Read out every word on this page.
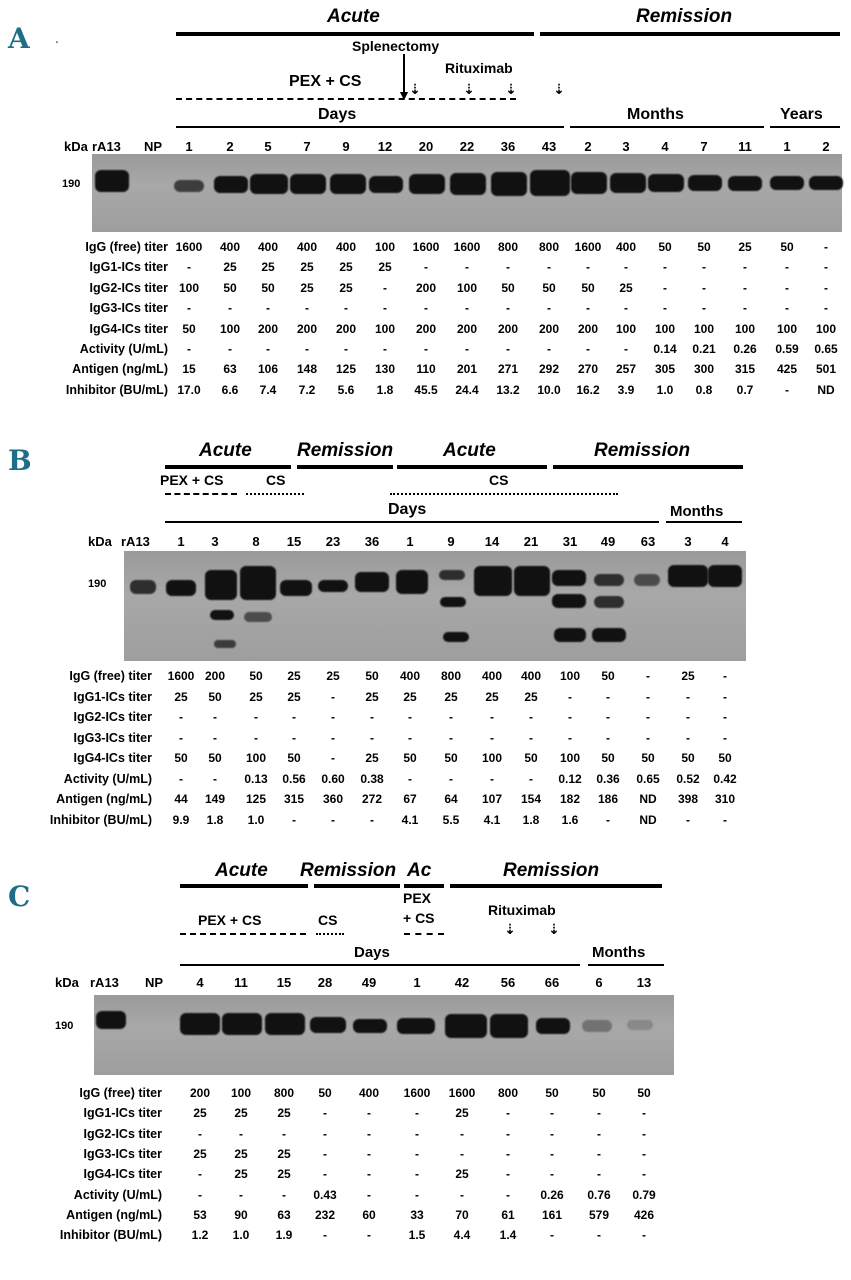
A	'
Acute	Remission
Splenectomy
Rituximab
PEX + CS
▼
⇣	⇣ ⇣	⇣
Days	Months	Years
kDa rA13 NP	1	2	5	7	9	12	20	22	36	43	2	3	4	7	11	1	2
190
IgG (free) titer 1600	400	400	400	400	100	1600	1600	800	800	1600	400	50	50	25	50	-
IgG1-ICs titer	-	25	25	25	25	25	-	-	-	-	-	-	-	-	-	-	-
IgG2-ICs titer 100	50	50	25	25	-	200	100	50	50	50	25	-	-	-	-	-
IgG3-ICs titer	-	-	-	-	-	-	-	-	-	-	-	-	-	-	-	-	-
IgG4-ICs titer	50	100	200	200	200	100	200	200	200	200	200	100	100	100	100	100	100
Activity (U/mL)	-	-	-	-	-	-	-	-	-	-	-	-	0.14	0.21	0.26	0.59	0.65
Antigen (ng/mL)	15	63	106	148	125	130	110	201	271	292	270	257	305	300	315	425	501
Inhibitor (BU/mL) 17.0	6.6	7.4	7.2	5.6	1.8	45.5	24.4	13.2	10.0	16.2	3.9	1.0	0.8	0.7	-	ND
B	Acute Remission	Acute	Remission
PEX + CS	CS	CS
Days	Months
kDa rA13	1	3	8	15	23	36	1	9	14	21	31	49	63	3	4
190
IgG (free) titer	1600 200	50	25	25	50	400	800	400	400	100	50	-	25	-
IgG1-ICs titer	25	50	25	25	-	25	25	25	25	25	-	-	-	-	-
IgG2-ICs titer	-	-	-	-	-	-	-	-	-	-	-	-	-	-	-
IgG3-ICs titer	-	-	-	-	-	-	-	-	-	-	-	-	-	-	-
IgG4-ICs titer	50	50	100	50	-	25	50	50	100	50	100	50	50	50	50
Activity (U/mL)	-	-	0.13	0.56	0.60	0.38	-	-	-	-	0.12	0.36	0.65	0.52	0.42
Antigen (ng/mL)	44	149	125	315	360	272	67	64	107	154	182	186	ND	398	310
Inhibitor (BU/mL)	9.9	1.8	1.0	-	-	-	4.1	5.5	4.1	1.8	1.6	-	ND	-	-
C
Acute Remission Ac	Remission
PEX
+ CS	Rituximab
⇣ ⇣
PEX + CS	CS
Days	Months
kDa rA13 NP	4	11	15	28	49	1	42	56	66	6	13
190
IgG (free) titer	200	100	800	50	400	1600	1600	800	50	50	50
IgG1-ICs titer	25	25	25	-	-	-	25	-	-	-	-
IgG2-ICs titer	-	-	-	-	-	-	-	-	-	-	-
IgG3-ICs titer	25	25	25	-	-	-	-	-	-	-	-
IgG4-ICs titer	-	25	25	-	-	-	25	-	-	-	-
Activity (U/mL)	-	-	-	0.43	-	-	-	-	0.26	0.76	0.79
Antigen (ng/mL)	53	90	63	232	60	33	70	61	161	579	426
Inhibitor (BU/mL)	1.2	1.0	1.9	-	-	1.5	4.4	1.4	-	-	-
